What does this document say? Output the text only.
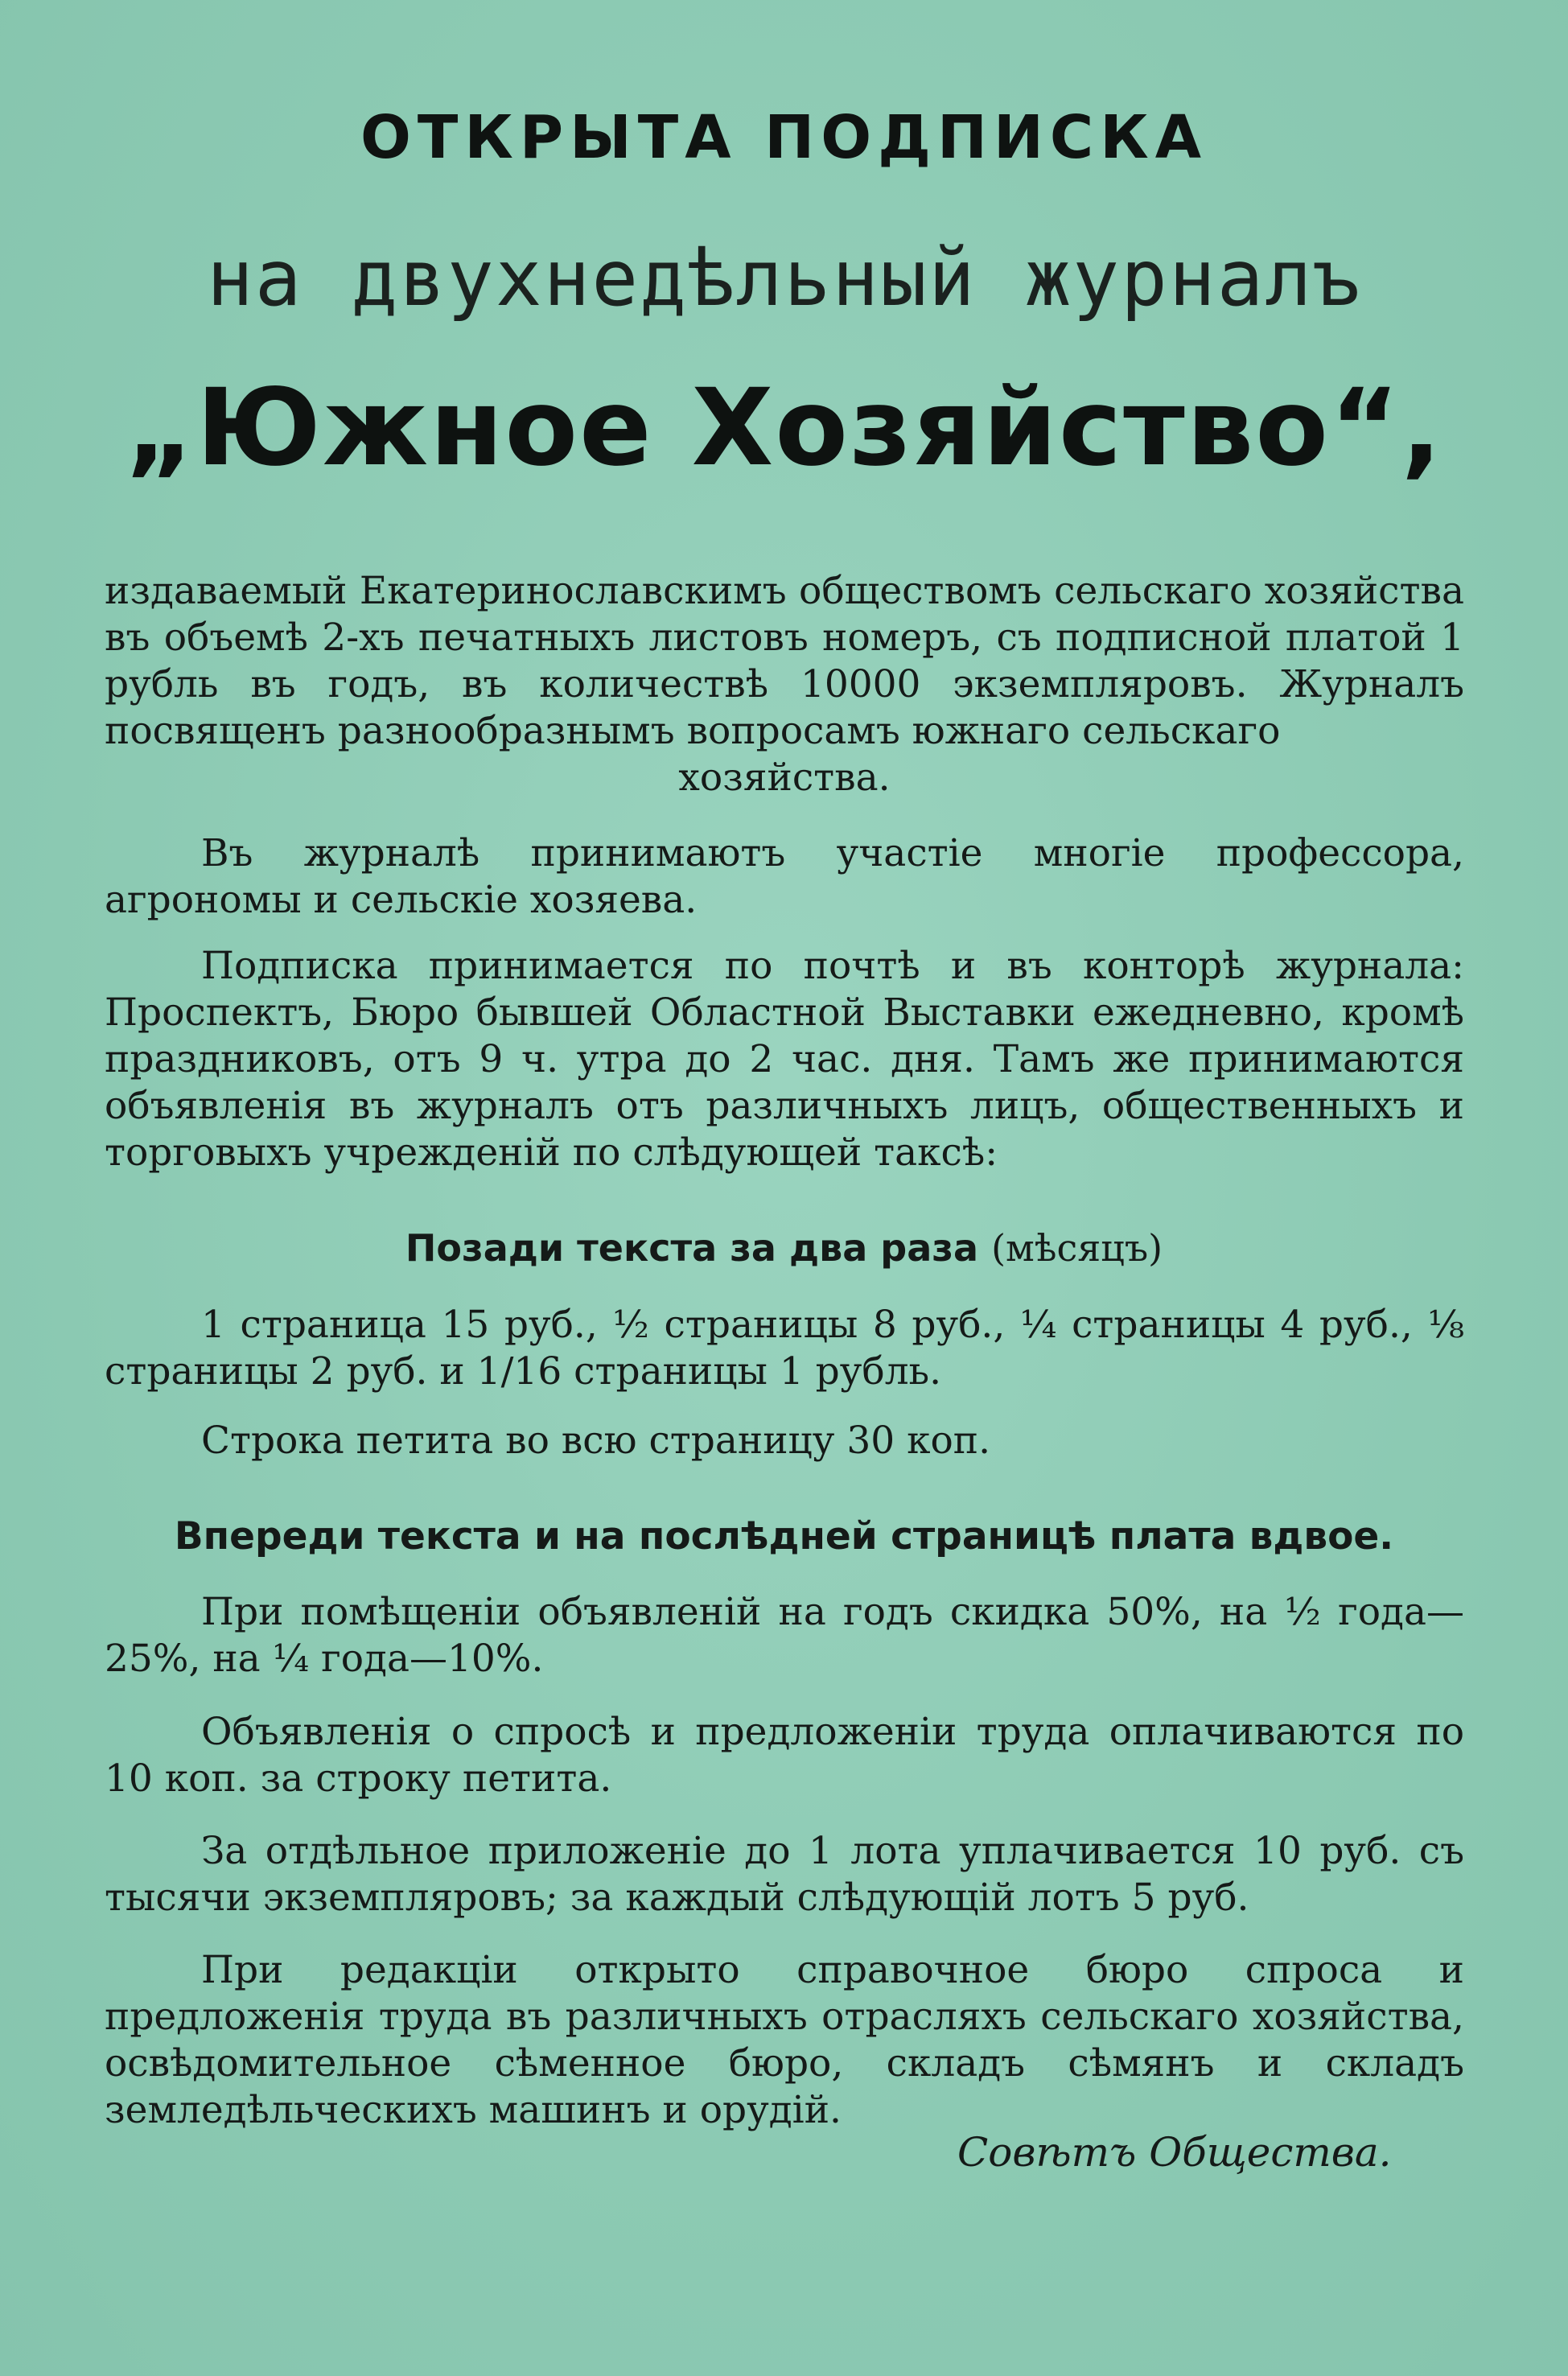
ОТКРЫТА ПОДПИСКА
на двухнедѣльный журналъ
„Южное Хозяйство“,

издаваемый Екатеринославскимъ обществомъ сельскаго хозяйства въ объемѣ 2-хъ печатныхъ листовъ номеръ, съ подписной платой 1 рубль въ годъ, въ количествѣ 10000 экземпляровъ. Журналъ посвященъ разнообразнымъ вопросамъ южнаго сельскаго

хозяйства.

Въ журналѣ принимаютъ участіе многіе профессора, агрономы и сельскіе хозяева.

Подписка принимается по почтѣ и въ конторѣ журнала: Проспектъ, Бюро бывшей Областной Выставки ежедневно, кромѣ праздниковъ, отъ 9 ч. утра до 2 час. дня. Тамъ же принимаются объявленія въ журналъ отъ различныхъ лицъ, общественныхъ и торговыхъ учрежденій по слѣдующей таксѣ:

Позади текста за два раза (мѣсяцъ)

1 страница 15 руб., ½ страницы 8 руб., ¼ страницы 4 руб., ⅛ страницы 2 руб. и 1/16 страницы 1 рубль.

Строка петита во всю страницу 30 коп.

Впереди текста и на послѣдней страницѣ плата вдвое.

При помѣщеніи объявленій на годъ скидка 50%, на ½ года— 25%, на ¼ года—10%.

Объявленія о спросѣ и предложеніи труда оплачиваются по 10 коп. за строку петита.

За отдѣльное приложеніе до 1 лота уплачивается 10 руб. съ тысячи экземпляровъ; за каждый слѣдующій лотъ 5 руб.

При редакціи открыто справочное бюро спроса и предложенія труда въ различныхъ отрасляхъ сельскаго хозяйства, освѣдомительное сѣменное бюро, складъ сѣмянъ и складъ земледѣльческихъ машинъ и орудій.

Совѣтъ Общества.
